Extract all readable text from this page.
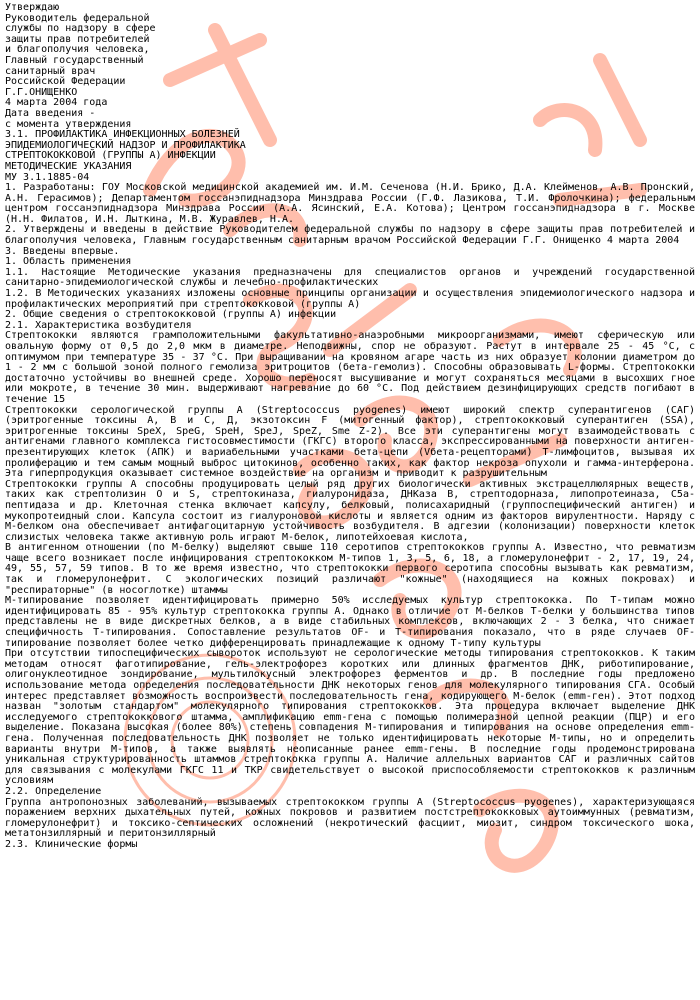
Утверждаю
Руководитель федеральной
службы по надзору в сфере
защиты прав потребителей
и благополучия человека,
Главный государственный
санитарный врач
Российской Федерации
Г.Г.ОНИЩЕНКО
4 марта 2004 года
Дата введения -
с момента утверждения
3.1. ПРОФИЛАКТИКА ИНФЕКЦИОННЫХ БОЛЕЗНЕЙ
ЭПИДЕМИОЛОГИЧЕСКИЙ НАДЗОР И ПРОФИЛАКТИКА
СТРЕПТОКОККОВОЙ (ГРУППЫ А) ИНФЕКЦИИ
МЕТОДИЧЕСКИЕ УКАЗАНИЯ
МУ 3.1.1885-04
1. Разработаны: ГОУ Московской медицинской академией им. И.М. Сеченова (Н.И. Брико, Д.А. Клейменов, А.В. Пронский, А.Н. Герасимов); Департаментом госсанэпиднадзора Минздрава России (Г.Ф. Лазикова, Т.И. Фролочкина); федеральным центром госсанэпиднадзора Минздрава России (А.А. Ясинский, Е.А. Котова); Центром госсанэпиднадзора в г. Москве (Н.Н. Филатов, И.Н. Лыткина, М.В. Журавлев, Н.А.
2. Утверждены и введены в действие Руководителем федеральной службы по надзору в сфере защиты прав потребителей и благополучия человека, Главным государственным санитарным врачом Российской Федерации Г.Г. Онищенко 4 марта 2004
3. Введены впервые.
1. Область применения
1.1. Настоящие Методические указания предназначены для специалистов органов и учреждений государственной санитарно-эпидемиологической службы и лечебно-профилактических
1.2. В Методических указаниях изложены основные принципы организации и осуществления эпидемиологического надзора и профилактических мероприятий при стрептококковой (группы А)
2. Общие сведения о стрептококковой (группы А) инфекции
2.1. Характеристика возбудителя
Стрептококки являются грамположительными факультативно-анаэробными микроорганизмами, имеют сферическую или овальную форму от 0,5 до 2,0 мкм в диаметре. Неподвижны, спор не образуют. Растут в интервале 25 - 45 °С, с оптимумом при температуре 35 - 37 °С. При выращивании на кровяном агаре часть из них образует колонии диаметром до 1 - 2 мм с большой зоной полного гемолиза эритроцитов (бета-гемолиз). Способны образовывать L-формы. Стрептококки достаточно устойчивы во внешней среде. Хорошо переносят высушивание и могут сохраняться месяцами в высохших гное или мокроте, в течение 30 мин. выдерживают нагревание до 60 °С. Под действием дезинфицирующих средств погибают в течение 15
Стрептококки серологической группы А (Streptococcus pyogenes) имеют широкий спектр суперантигенов (САГ) (эритрогенные токсины А, В и С, Д, экзотоксин F (митогенный фактор), стрептококковый суперантиген (SSA), эритрогенные токсины SpeX, SpeG, SpeH, SpeJ, SpeZ, Sme Z-2). Все эти суперантигены могут взаимодействовать с антигенами главного комплекса гистосовместимости (ГКГС) второго класса, экспрессированными на поверхности антиген-презентирующих клеток (АПК) и вариабельными участками бета-цепи (Vбета-рецепторами) Т-лимфоцитов, вызывая их пролиферацию и тем самым мощный выброс цитокинов, особенно таких, как фактор некроза опухоли и гамма-интерферона. Эта гиперпродукция оказывает системное воздействие на организм и приводит к разрушительным
Стрептококки группы А способны продуцировать целый ряд других биологически активных экстрацеллюлярных веществ, таких как стрептолизин О и S, стрептокиназа, гиалуронидаза, ДНКаза В, стрептодорназа, липопротеиназа, С5а-пептидаза и др. Клеточная стенка включает капсулу, белковый, полисахаридный (группоспецифический антиген) и мукопротеидный слои. Капсула состоит из гиалуроновой кислоты и является одним из факторов вирулентности. Наряду с М-белком она обеспечивает антифагоцитарную устойчивость возбудителя. В адгезии (колонизации) поверхности клеток слизистых человека также активную роль играют М-белок, липотейхоевая кислота,
В антигенном отношении (по М-белку) выделяют свыше 110 серотипов стрептококков группы А. Известно, что ревматизм чаще всего возникает после инфицирования стрептококком М-типов 1, 3, 5, 6, 18, а гломерулонефрит - 2, 17, 19, 24, 49, 55, 57, 59 типов. В то же время известно, что стрептококки первого серотипа способны вызывать как ревматизм, так и гломерулонефрит. С экологических позиций различают "кожные" (находящиеся на кожных покровах) и "респираторные" (в носоглотке) штаммы
М-типирование позволяет идентифицировать примерно 50% исследуемых культур стрептококка. По Т-типам можно идентифицировать 85 - 95% культур стрептококка группы А. Однако в отличие от М-белков Т-белки у большинства типов представлены не в виде дискретных белков, а в виде стабильных комплексов, включающих 2 - 3 белка, что снижает специфичность Т-типирования. Сопоставление результатов OF- и Т-типирования показало, что в ряде случаев OF-типирование позволяет более четко дифференцировать принадлежащие к одному Т-типу культуры
При отсутствии типоспецифических сывороток используют не серологические методы типирования стрептококков. К таким методам относят фаготипирование, гель-электрофорез коротких или длинных фрагментов ДНК, риботипирование, олигонуклеотидное зондирование, мультилокусный электрофорез ферментов и др. В последние годы предложено использование метода определения последовательности ДНК некоторых генов для молекулярного типирования СГА. Особый интерес представляет возможность воспроизвести последовательность гена, кодирующего М-белок (emm-ген). Этот подход назван "золотым стандартом" молекулярного типирования стрептококков. Эта процедура включает выделение ДНК исследуемого стрептококкового штамма, амплификацию emm-гена с помощью полимеразной цепной реакции (ПЦР) и его выделение. Показана высокая (более 80%) степень совпадения М-типирования и типирования на основе определения emm-гена. Полученная последовательность ДНК позволяет не только идентифицировать некоторые М-типы, но и определить варианты внутри М-типов, а также выявлять неописанные ранее emm-гены. В последние годы продемонстрирована уникальная структурированность штаммов стрептококка группы А. Наличие аллельных вариантов САГ и различных сайтов для связывания с молекулами ГКГС 11 и ТКР свидетельствует о высокой приспособляемости стрептококков к различным условиям
2.2. Определение
Группа антропонозных заболеваний, вызываемых стрептококком группы А (Streptococcus pyogenes), характеризующаяся поражением верхних дыхательных путей, кожных покровов и развитием постстрептококковых аутоиммунных (ревматизм, гломерулонефрит) и токсико-септических осложнений (некротический фасциит, миозит, синдром токсического шока, метатонзиллярный и перитонзиллярный
2.3. Клинические формы
